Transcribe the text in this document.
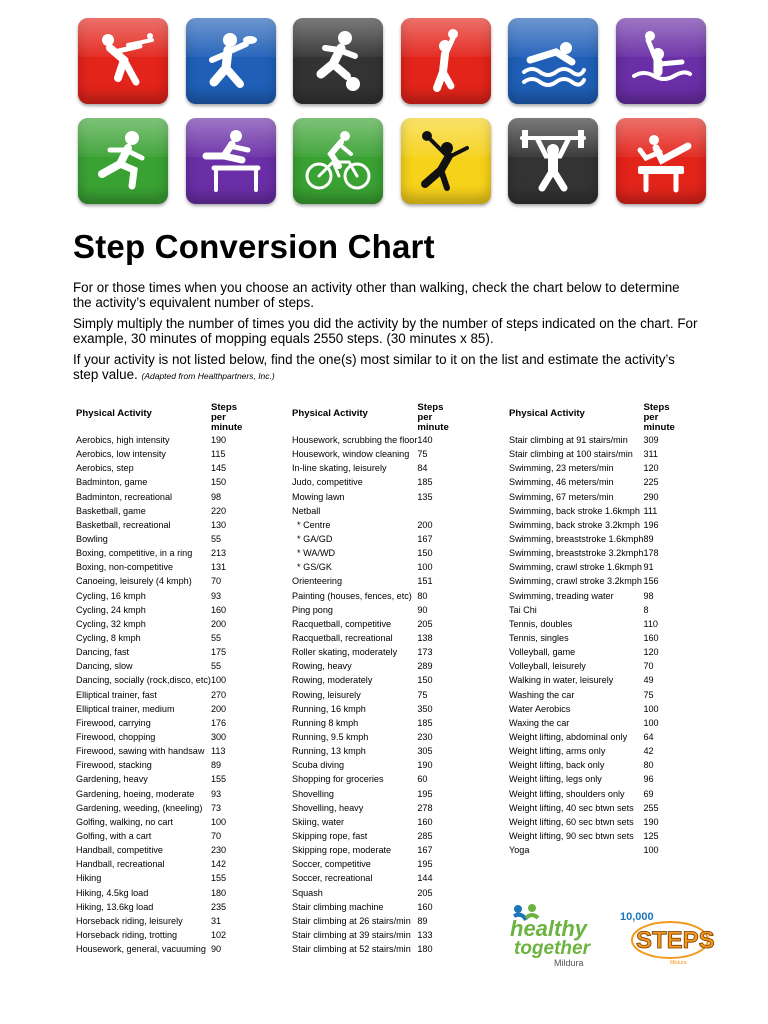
Step Conversion Chart

For or those times when you choose an activity other than walking, check the chart below to determine the activity’s equivalent number of steps.

Simply multiply the number of times you did the activity by the number of steps indicated on the chart. For example, 30 minutes of mopping equals 2550 steps. (30 minutes x 85).

If your activity is not listed below, find the one(s) most similar to it on the list and estimate the activity’s step value. (Adapted from Healthpartners, Inc.)

Physical Activity	Steps per
minute
Aerobics, high intensity	190
Aerobics, low intensity	115
Aerobics, step	145
Badminton, game	150
Badminton, recreational	98
Basketball, game	220
Basketball, recreational	130
Bowling	55
Boxing, competitive, in a ring	213
Boxing, non-competitive	131
Canoeing, leisurely (4 kmph)	70
Cycling, 16 kmph	93
Cycling, 24 kmph	160
Cycling, 32 kmph	200
Cycling, 8 kmph	55
Dancing, fast	175
Dancing, slow	55
Dancing, socially (rock,disco, etc)	100
Elliptical trainer, fast	270
Elliptical trainer, medium	200
Firewood, carrying	176
Firewood, chopping	300
Firewood, sawing with handsaw	113
Firewood, stacking	89
Gardening, heavy	155
Gardening, hoeing, moderate	93
Gardening, weeding, (kneeling)	73
Golfing, walking, no cart	100
Golfing, with a cart	70
Handball, competitive	230
Handball, recreational	142
Hiking	155
Hiking, 4.5kg load	180
Hiking, 13.6kg load	235
Horseback riding, leisurely	31
Horseback riding, trotting	102
Housework, general, vacuuming	90
Physical Activity	Steps per
minute
Housework, scrubbing the floor	140
Housework, window cleaning	75
In-line skating, leisurely	84
Judo, competitive	185
Mowing lawn	135
Netball	
* Centre	200
* GA/GD	167
* WA/WD	150
* GS/GK	100
Orienteering	151
Painting (houses, fences, etc)	80
Ping pong	90
Racquetball, competitive	205
Racquetball, recreational	138
Roller skating, moderately	173
Rowing, heavy	289
Rowing, moderately	150
Rowing, leisurely	75
Running, 16 kmph	350
Running 8 kmph	185
Running, 9.5 kmph	230
Running, 13 kmph	305
Scuba diving	190
Shopping for groceries	60
Shovelling	195
Shovelling, heavy	278
Skiing, water	160
Skipping rope, fast	285
Skipping rope, moderate	167
Soccer, competitive	195
Soccer, recreational	144
Squash	205
Stair climbing machine	160
Stair climbing at 26 stairs/min	89
Stair climbing at 39 stairs/min	133
Stair climbing at 52 stairs/min	180
Physical Activity	Steps per
minute
Stair climbing at 91 stairs/min	309
Stair climbing at 100 stairs/min	311
Swimming, 23 meters/min	120
Swimming, 46 meters/min	225
Swimming, 67 meters/min	290
Swimming, back stroke 1.6kmph	111
Swimming, back stroke 3.2kmph	196
Swimming, breaststroke 1.6kmph	89
Swimming, breaststroke 3.2kmph	178
Swimming, crawl stroke 1.6kmph	91
Swimming, crawl stroke 3.2kmph	156
Swimming, treading water	98
Tai Chi	8
Tennis, doubles	110
Tennis, singles	160
Volleyball, game	120
Volleyball, leisurely	70
Walking in water, leisurely	49
Washing the car	75
Water Aerobics	100
Waxing the car	100
Weight lifting, abdominal only	64
Weight lifting, arms only	42
Weight lifting, back only	80
Weight lifting, legs only	96
Weight lifting, shoulders only	69
Weight lifting, 40 sec btwn sets	255
Weight lifting, 60 sec btwn sets	190
Weight lifting, 90 sec btwn sets	125
Yoga	100
healthy
together
Mildura
10,000
STEPS
Mildura
